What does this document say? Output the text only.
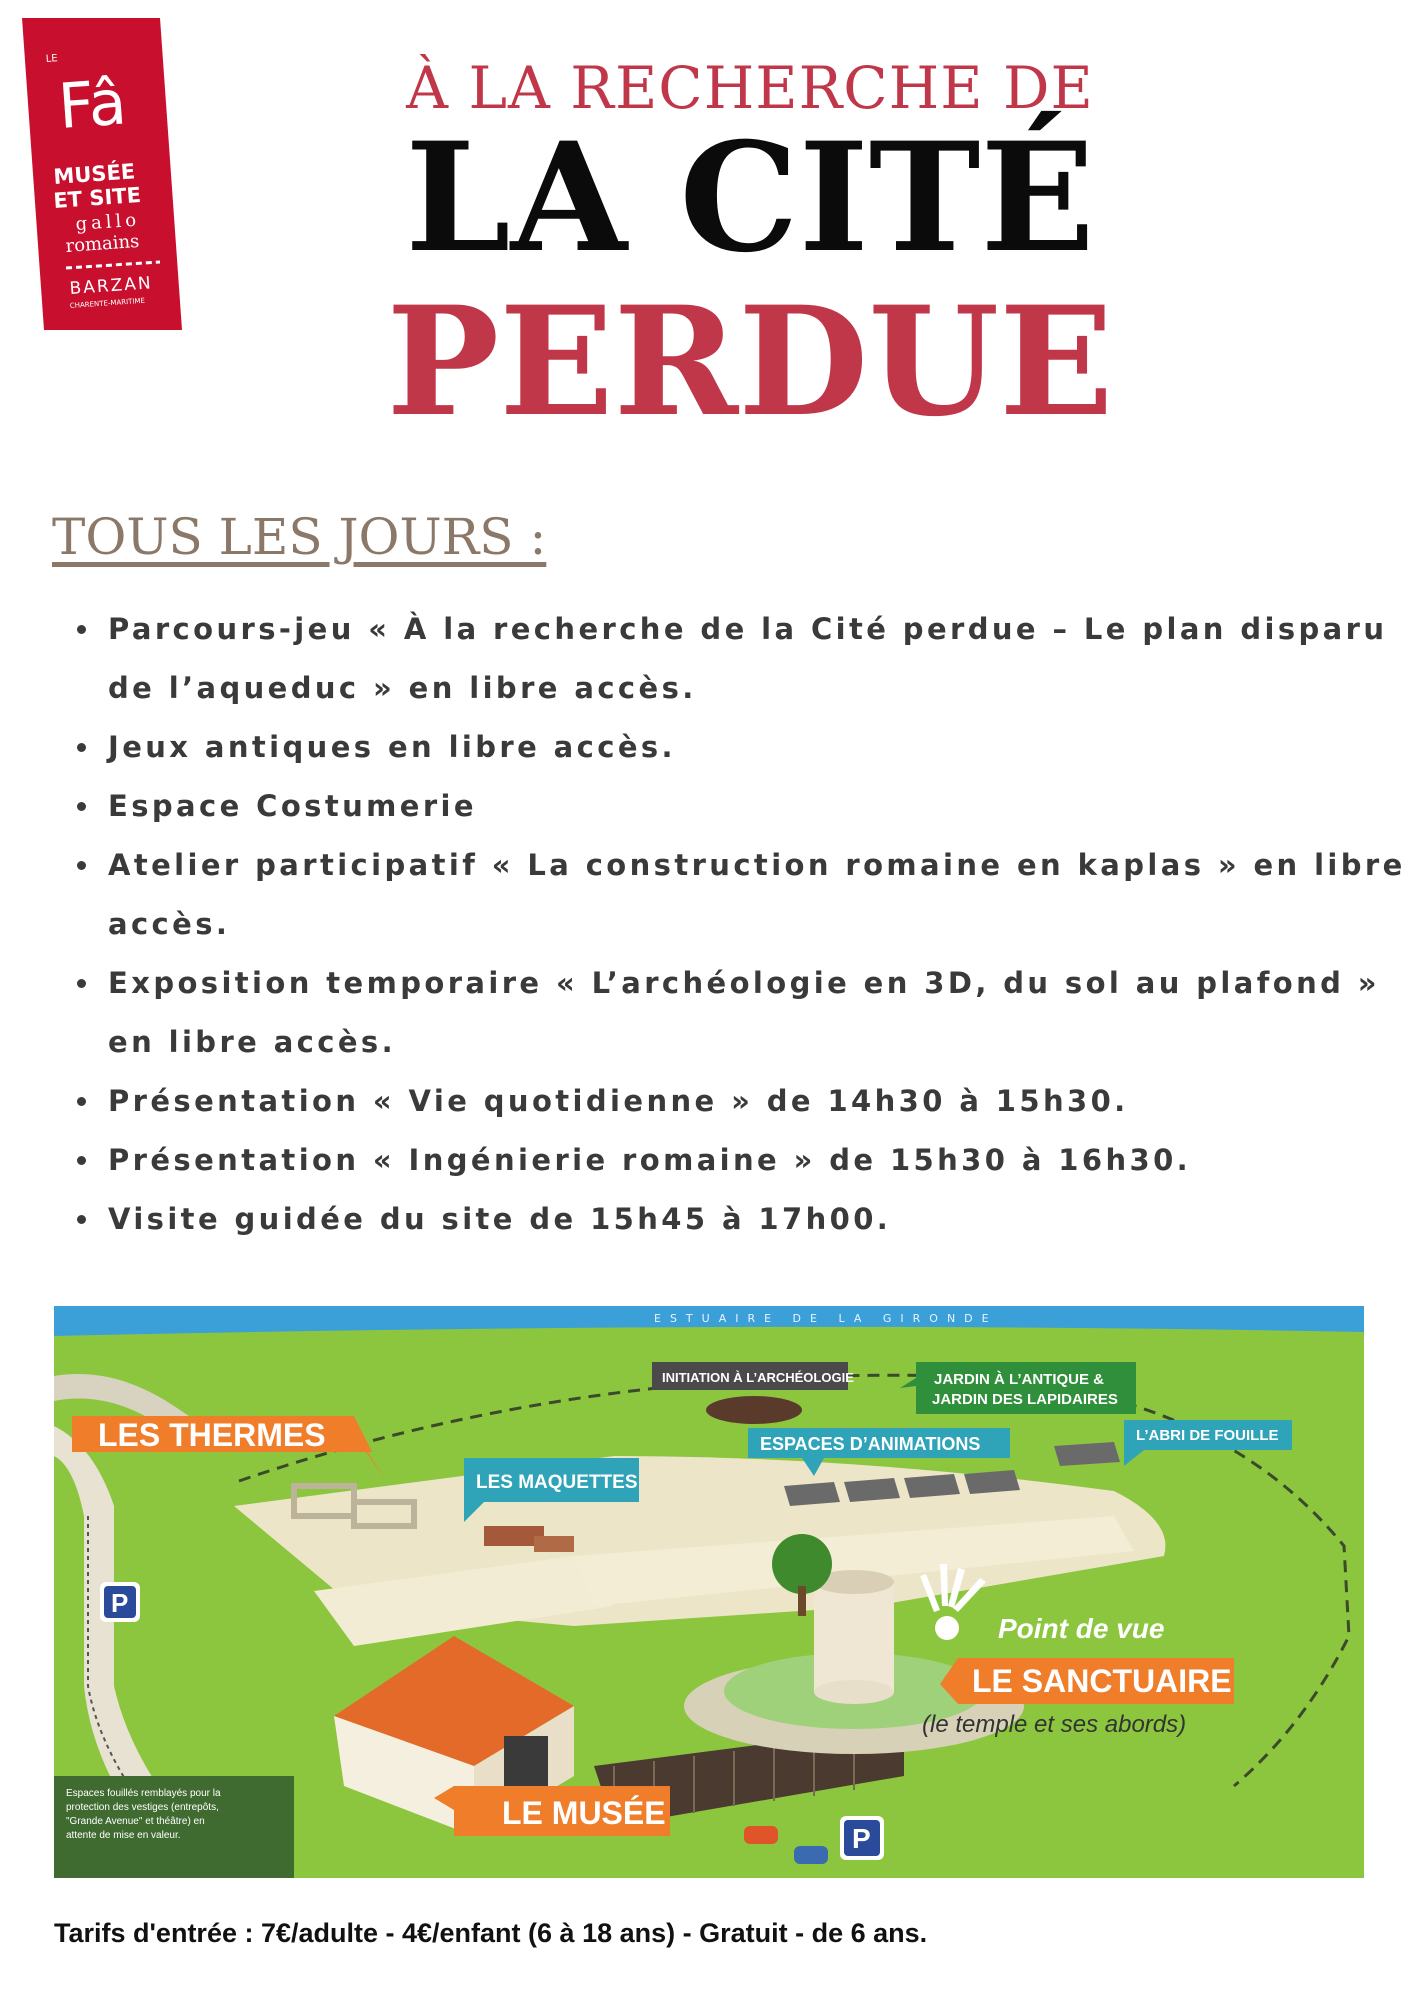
LE
Fâ
MUSÉE
ET SITE
gallo
romains
BARZAN
CHARENTE-MARITIME
À LA RECHERCHE DE
LA CITÉ
PERDUE
TOUS LES JOURS :
• Parcours-jeu « À la recherche de la Cité perdue – Le plan disparu de l’aqueduc » en libre accès.
• Jeux antiques en libre accès.
• Espace Costumerie
• Atelier participatif « La construction romaine en kaplas » en libre accès.
• Exposition temporaire « L’archéologie en 3D, du sol au plafond » en libre accès.
• Présentation « Vie quotidienne » de 14h30 à 15h30.
• Présentation « Ingénierie romaine » de 15h30 à 16h30.
• Visite guidée du site de 15h45 à 17h00.
ESTUAIRE DE LA GIRONDE
LES THERMES
LES MAQUETTES
INITIATION À L’ARCHÉOLOGIE	JARDIN À L’ANTIQUE &
JARDIN DES LAPIDAIRES
ESPACES D’ANIMATIONS	L’ABRI DE FOUILLE
Point de vue
LE SANCTUAIRE
(le temple et ses abords)
LE MUSÉE
P
P
Espaces fouillés remblayés pour la
protection des vestiges (entrepôts,
"Grande Avenue" et théâtre) en
attente de mise en valeur.
Tarifs d'entrée : 7€/adulte - 4€/enfant (6 à 18 ans) - Gratuit - de 6 ans.
